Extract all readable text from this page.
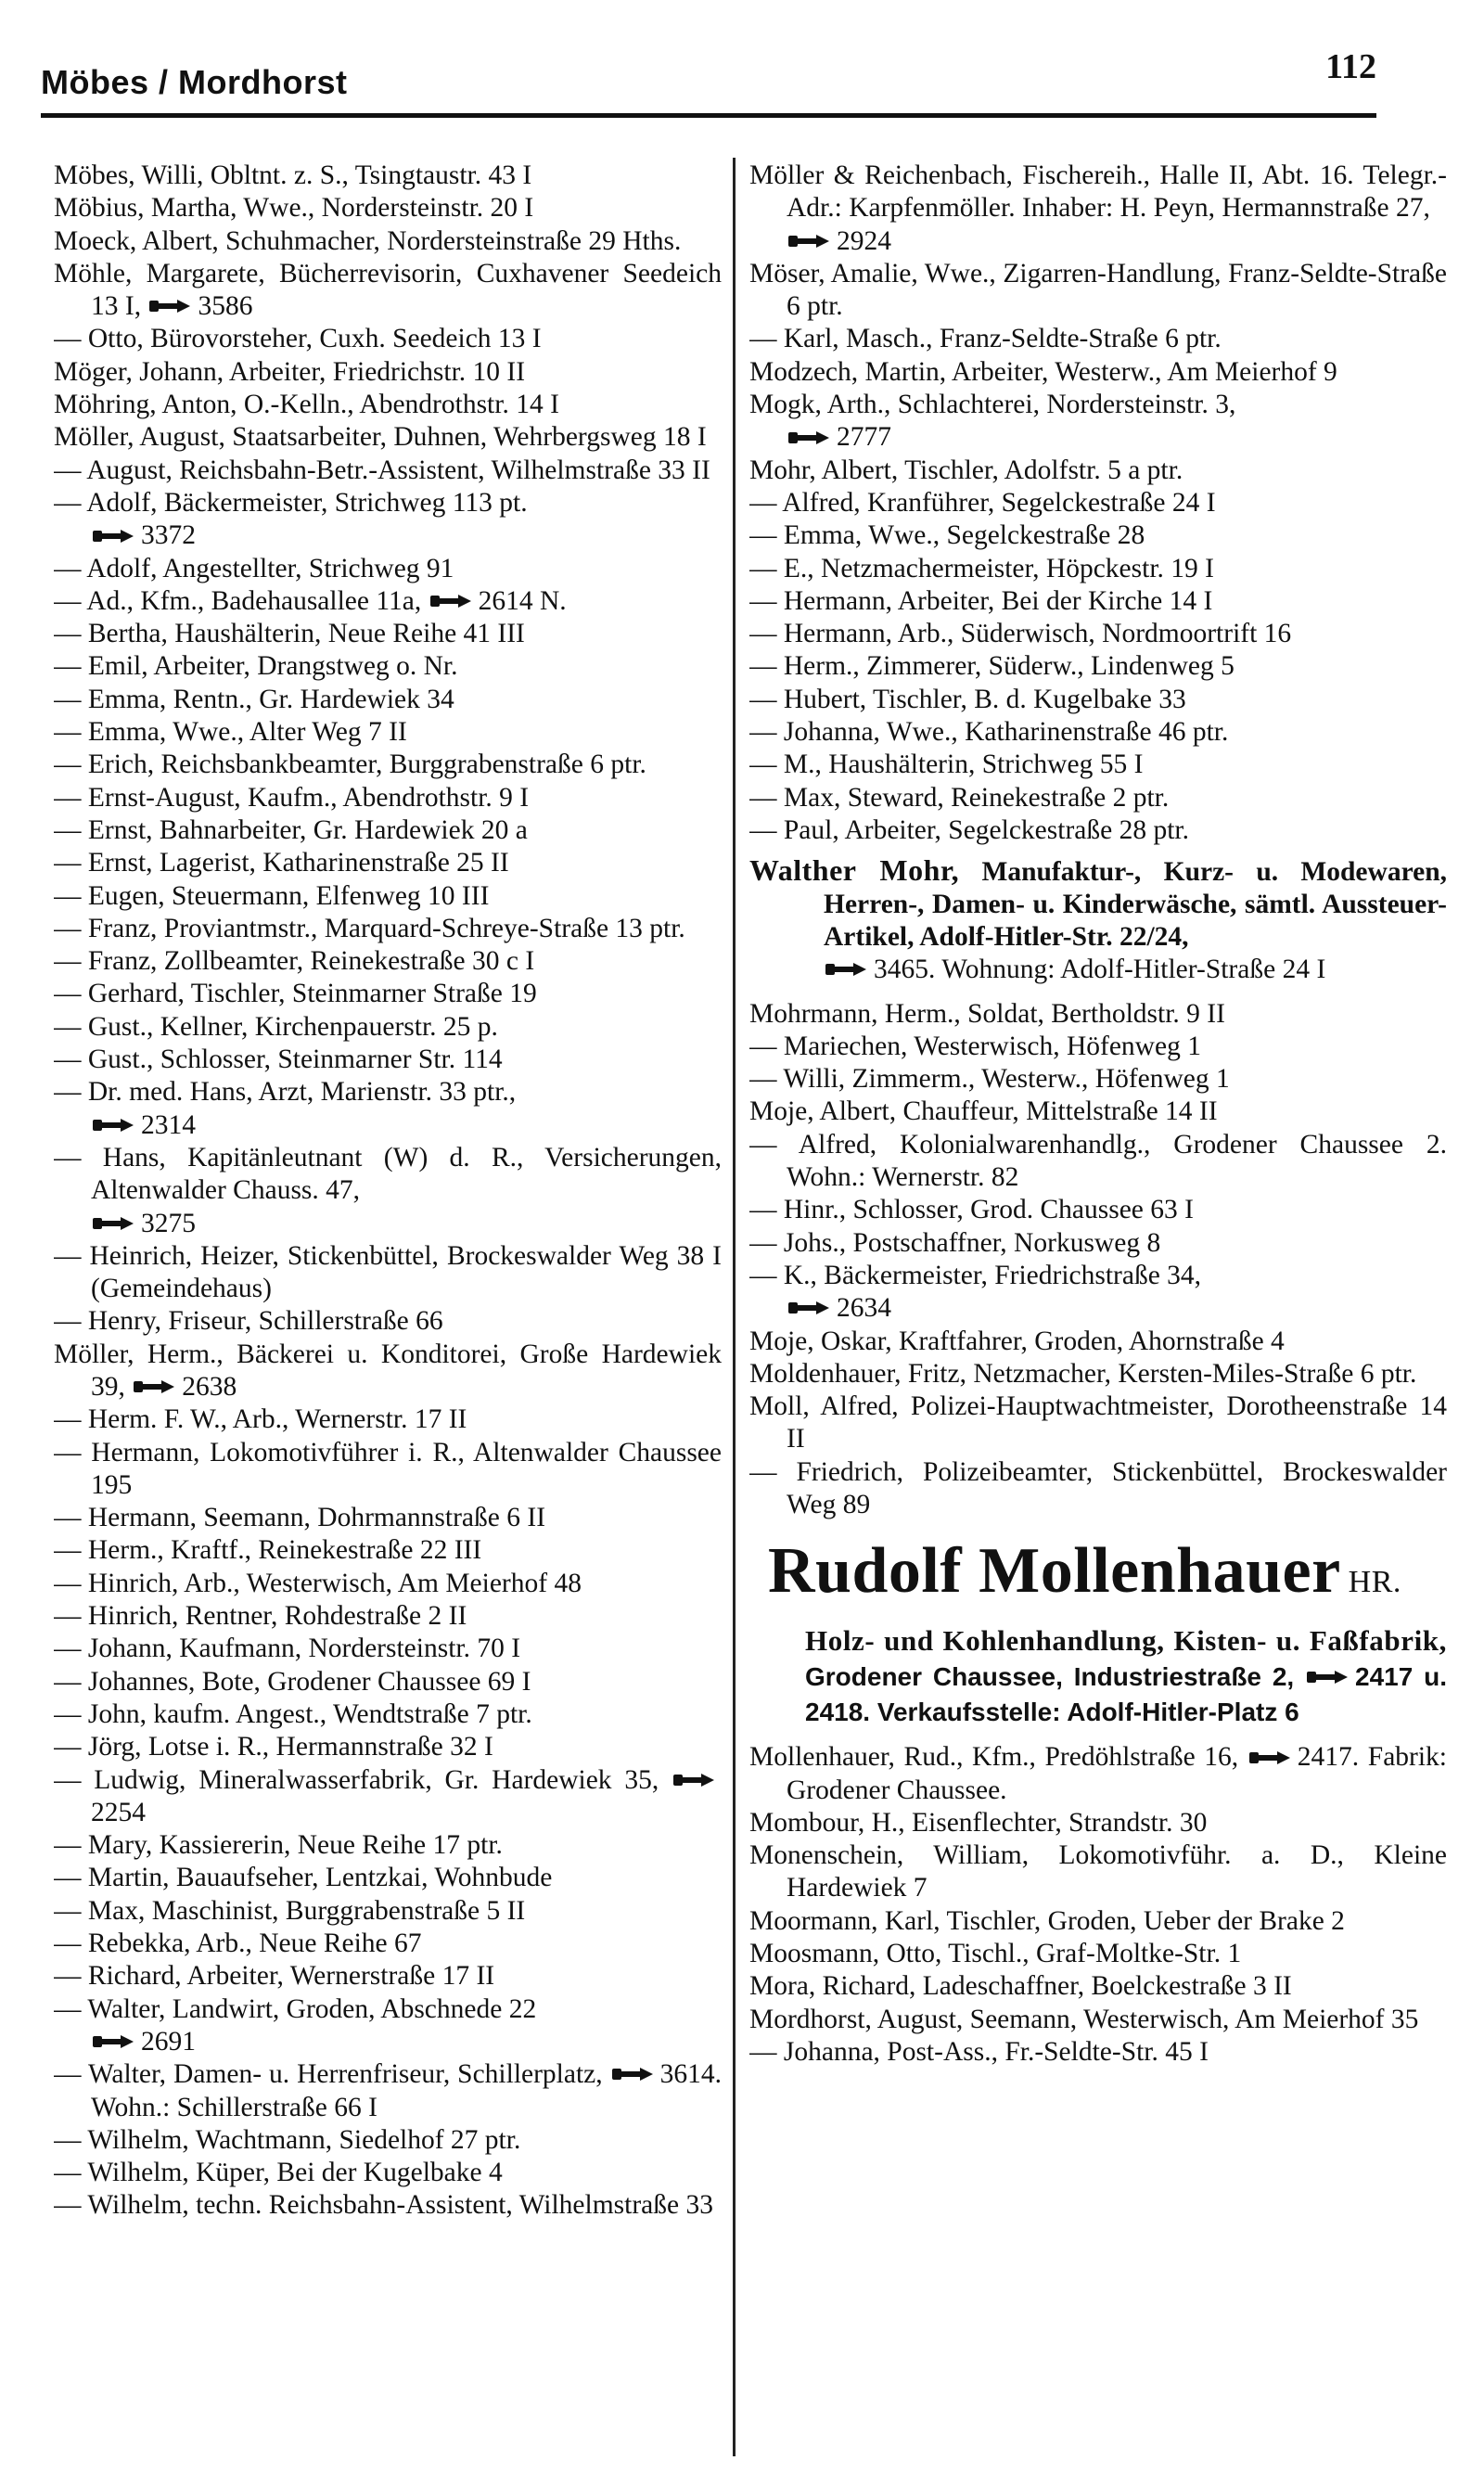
Möbes / Mordhorst	112
Möbes, Willi, Obltnt. z. S., Tsingtaustr. 43 I
Möbius, Martha, Wwe., Nordersteinstr. 20 I
Moeck, Albert, Schuhmacher, Nordersteinstraße 29 Hths.
Möhle, Margarete, Bücherrevisorin, Cuxhavener Seedeich 13 I, 3586
— Otto, Bürovorsteher, Cuxh. Seedeich 13 I
Möger, Johann, Arbeiter, Friedrichstr. 10 II
Möhring, Anton, O.-Kelln., Abendrothstr. 14 I
Möller, August, Staatsarbeiter, Duhnen, Wehrbergsweg 18 I
— August, Reichsbahn-Betr.-Assistent, Wilhelmstraße 33 II
— Adolf, Bäckermeister, Strichweg 113 pt.

3372
— Adolf, Angestellter, Strichweg 91
— Ad., Kfm., Badehausallee 11a, 2614 N.
— Bertha, Haushälterin, Neue Reihe 41 III
— Emil, Arbeiter, Drangstweg o. Nr.
— Emma, Rentn., Gr. Hardewiek 34
— Emma, Wwe., Alter Weg 7 II
— Erich, Reichsbankbeamter, Burggrabenstraße 6 ptr.
— Ernst-August, Kaufm., Abendrothstr. 9 I
— Ernst, Bahnarbeiter, Gr. Hardewiek 20 a
— Ernst, Lagerist, Katharinenstraße 25 II
— Eugen, Steuermann, Elfenweg 10 III
— Franz, Proviantmstr., Marquard-Schreye-Straße 13 ptr.
— Franz, Zollbeamter, Reinekestraße 30 c I
— Gerhard, Tischler, Steinmarner Straße 19
— Gust., Kellner, Kirchenpauerstr. 25 p.
— Gust., Schlosser, Steinmarner Str. 114
— Dr. med. Hans, Arzt, Marienstr. 33 ptr.,

2314
— Hans, Kapitänleutnant (W) d. R., Versicherungen, Altenwalder Chauss. 47,

3275
— Heinrich, Heizer, Stickenbüttel, Brockeswalder Weg 38 I (Gemeindehaus)
— Henry, Friseur, Schillerstraße 66
Möller, Herm., Bäckerei u. Konditorei, Große Hardewiek 39, 2638
— Herm. F. W., Arb., Wernerstr. 17 II
— Hermann, Lokomotivführer i. R., Altenwalder Chaussee 195
— Hermann, Seemann, Dohrmannstraße 6 II
— Herm., Kraftf., Reinekestraße 22 III
— Hinrich, Arb., Westerwisch, Am Meierhof 48
— Hinrich, Rentner, Rohdestraße 2 II
— Johann, Kaufmann, Nordersteinstr. 70 I
— Johannes, Bote, Grodener Chaussee 69 I
— John, kaufm. Angest., Wendtstraße 7 ptr.
— Jörg, Lotse i. R., Hermannstraße 32 I
— Ludwig, Mineralwasserfabrik, Gr. Hardewiek 35,
2254
— Mary, Kassiererin, Neue Reihe 17 ptr.
— Martin, Bauaufseher, Lentzkai, Wohnbude
— Max, Maschinist, Burggrabenstraße 5 II
— Rebekka, Arb., Neue Reihe 67
— Richard, Arbeiter, Wernerstraße 17 II
— Walter, Landwirt, Groden, Abschnede 22

2691
— Walter, Damen- u. Herrenfriseur, Schillerplatz, 3614. Wohn.: Schillerstraße 66 I
— Wilhelm, Wachtmann, Siedelhof 27 ptr.
— Wilhelm, Küper, Bei der Kugelbake 4
— Wilhelm, techn. Reichsbahn-Assistent, Wilhelmstraße 33
Möller & Reichenbach, Fischereih., Halle II, Abt. 16. Telegr.-Adr.: Karpfenmöller. Inhaber: H. Peyn, Hermannstraße 27,

2924
Möser, Amalie, Wwe., Zigarren-Handlung, Franz-Seldte-Straße 6 ptr.
— Karl, Masch., Franz-Seldte-Straße 6 ptr.
Modzech, Martin, Arbeiter, Westerw., Am Meierhof 9
Mogk, Arth., Schlachterei, Nordersteinstr. 3,

2777
Mohr, Albert, Tischler, Adolfstr. 5 a ptr.
— Alfred, Kranführer, Segelckestraße 24 I
— Emma, Wwe., Segelckestraße 28
— E., Netzmachermeister, Höpckestr. 19 I
— Hermann, Arbeiter, Bei der Kirche 14 I
— Hermann, Arb., Süderwisch, Nordmoortrift 16
— Herm., Zimmerer, Süderw., Lindenweg 5
— Hubert, Tischler, B. d. Kugelbake 33
— Johanna, Wwe., Katharinenstraße 46 ptr.
— M., Haushälterin, Strichweg 55 I
— Max, Steward, Reinekestraße 2 ptr.
— Paul, Arbeiter, Segelckestraße 28 ptr.
Walther Mohr, Manufaktur-, Kurz- u. Modewaren, Herren-, Damen- u. Kinderwäsche, sämtl. Aussteuer-Artikel, Adolf-Hitler-Str. 22/24,
3465. Wohnung: Adolf-Hitler-Straße 24 I
Mohrmann, Herm., Soldat, Bertholdstr. 9 II
— Mariechen, Westerwisch, Höfenweg 1
— Willi, Zimmerm., Westerw., Höfenweg 1
Moje, Albert, Chauffeur, Mittelstraße 14 II
— Alfred, Kolonialwarenhandlg., Grodener Chaussee 2. Wohn.: Wernerstr. 82
— Hinr., Schlosser, Grod. Chaussee 63 I
— Johs., Postschaffner, Norkusweg 8
— K., Bäckermeister, Friedrichstraße 34,

2634
Moje, Oskar, Kraftfahrer, Groden, Ahornstraße 4
Moldenhauer, Fritz, Netzmacher, Kersten-Miles-Straße 6 ptr.
Moll, Alfred, Polizei-Hauptwachtmeister, Dorotheenstraße 14 II
— Friedrich, Polizeibeamter, Stickenbüttel, Brockeswalder Weg 89
Rudolf Mollenhauer HR.
Holz- und Kohlenhandlung, Kisten- u. Faßfabrik, Grodener Chaussee, Industriestraße 2, 2417 u. 2418. Verkaufsstelle: Adolf-Hitler-Platz 6
Mollenhauer, Rud., Kfm., Predöhlstraße 16, 2417. Fabrik: Grodener Chaussee.
Mombour, H., Eisenflechter, Strandstr. 30
Monenschein, William, Lokomotivführ. a. D., Kleine Hardewiek 7
Moormann, Karl, Tischler, Groden, Ueber der Brake 2
Moosmann, Otto, Tischl., Graf-Moltke-Str. 1
Mora, Richard, Ladeschaffner, Boelckestraße 3 II
Mordhorst, August, Seemann, Westerwisch, Am Meierhof 35
— Johanna, Post-Ass., Fr.-Seldte-Str. 45 I
